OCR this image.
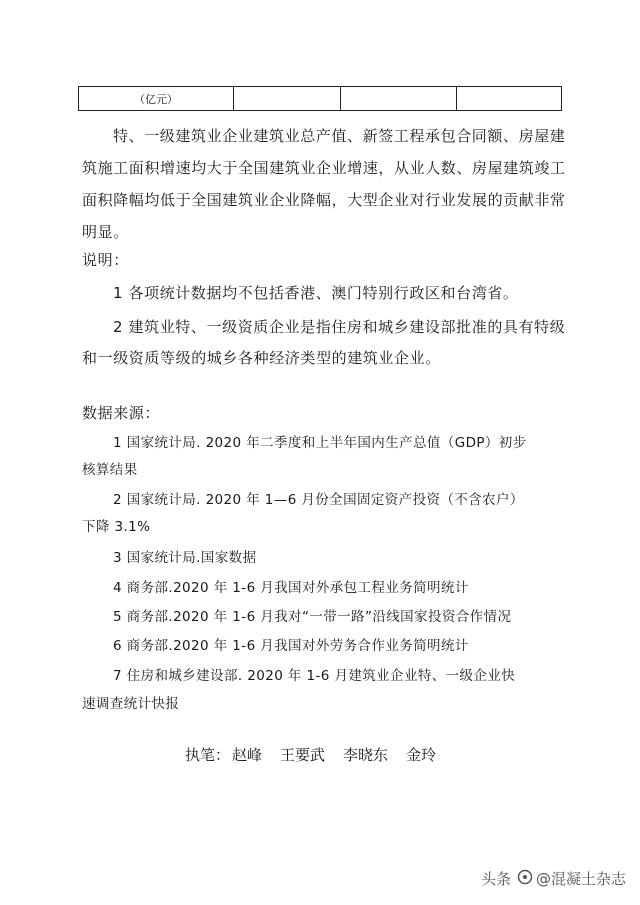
（亿元）
特、一级建筑业企业建筑业总产值、新签工程承包合同额、房屋建
筑施工面积增速均大于全国建筑业企业增速，从业人数、房屋建筑竣工
面积降幅均低于全国建筑业企业降幅，大型企业对行业发展的贡献非常
明显。
说明：
1 各项统计数据均不包括香港、澳门特别行政区和台湾省。
2 建筑业特、一级资质企业是指住房和城乡建设部批准的具有特级
和一级资质等级的城乡各种经济类型的建筑业企业。
数据来源：
1 国家统计局. 2020 年二季度和上半年国内生产总值（GDP）初步
核算结果
2 国家统计局. 2020 年 1—6 月份全国固定资产投资（不含农户）
下降 3.1%
3 国家统计局.国家数据
4 商务部.2020 年 1-6 月我国对外承包工程业务简明统计
5 商务部.2020 年 1-6 月我对“一带一路”沿线国家投资合作情况
6 商务部.2020 年 1-6 月我国对外劳务合作业务简明统计
7 住房和城乡建设部. 2020 年 1-6 月建筑业企业特、一级企业快
速调查统计快报
执笔： 赵峰 王要武 李晓东 金玲
头条 @混凝土杂志
